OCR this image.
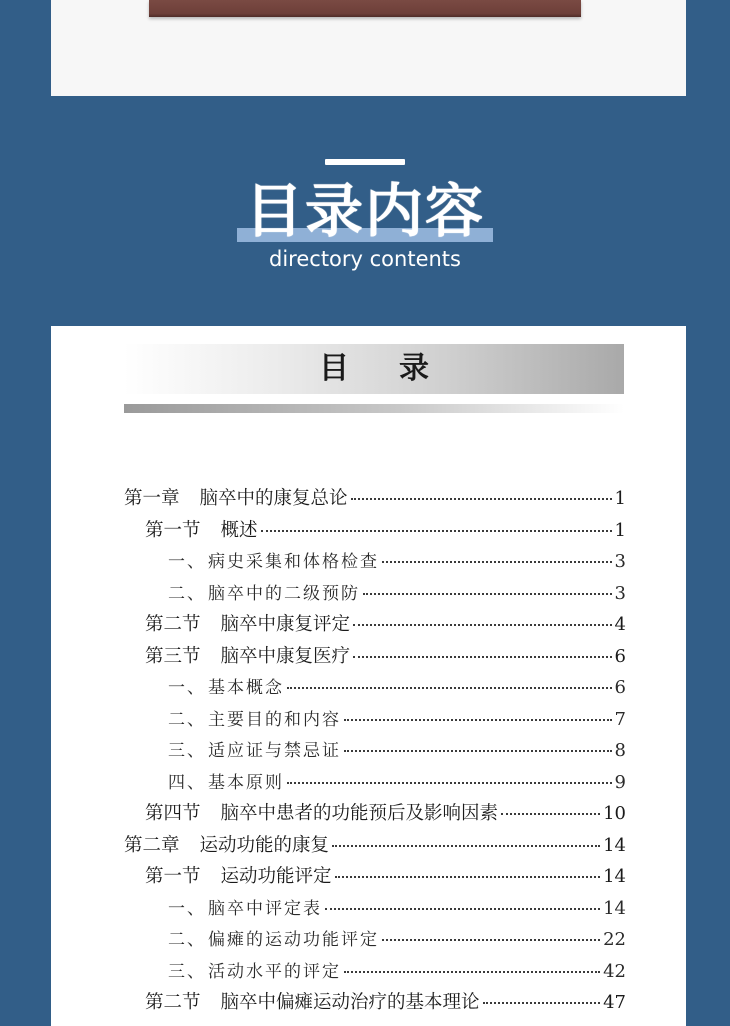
目录内容
directory contents
目录
第一章 脑卒中的康复总论	1
第一节 概述	1
一、 病史采集和体格检查	3
二、 脑卒中的二级预防	3
第二节 脑卒中康复评定	4
第三节 脑卒中康复医疗	6
一、 基本概念	6
二、 主要目的和内容	7
三、 适应证与禁忌证	8
四、 基本原则	9
第四节 脑卒中患者的功能预后及影响因素	10
第二章 运动功能的康复	14
第一节 运动功能评定	14
一、 脑卒中评定表	14
二、 偏瘫的运动功能评定	22
三、 活动水平的评定	42
第二节 脑卒中偏瘫运动治疗的基本理论	47
